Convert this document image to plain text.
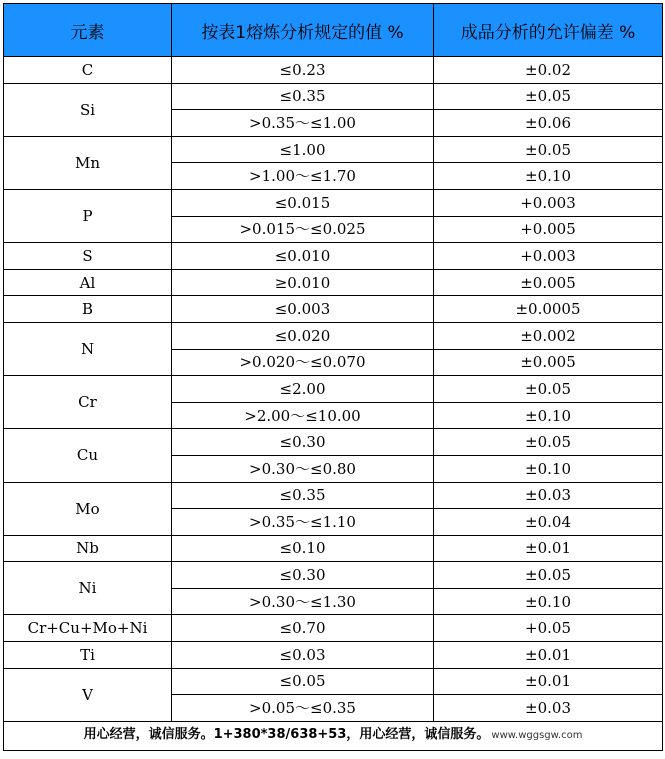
元素	按表1熔炼分析规定的值 %	成品分析的允许偏差 %
C	≤0.23	±0.02
Si	≤0.35	±0.05
	>0.35～≤1.00	±0.06
Mn	≤1.00	±0.05
	>1.00～≤1.70	±0.10
P	≤0.015	+0.003
	>0.015～≤0.025	+0.005
S	≤0.010	+0.003
Al	≥0.010	±0.005
B	≤0.003	±0.0005
N	≤0.020	±0.002
	>0.020～≤0.070	±0.005
Cr	≤2.00	±0.05
	>2.00～≤10.00	±0.10
Cu	≤0.30	±0.05
	>0.30～≤0.80	±0.10
Mo	≤0.35	±0.03
	>0.35～≤1.10	±0.04
Nb	≤0.10	±0.01
Ni	≤0.30	±0.05
	>0.30～≤1.30	±0.10
Cr+Cu+Mo+Ni	≤0.70	+0.05
Ti	≤0.03	±0.01
V	≤0.05	±0.01
	>0.05～≤0.35	±0.03
用心经营，诚信服务。1+380*38/638+53，用心经营，诚信服务。 www.wggsgw.com		
